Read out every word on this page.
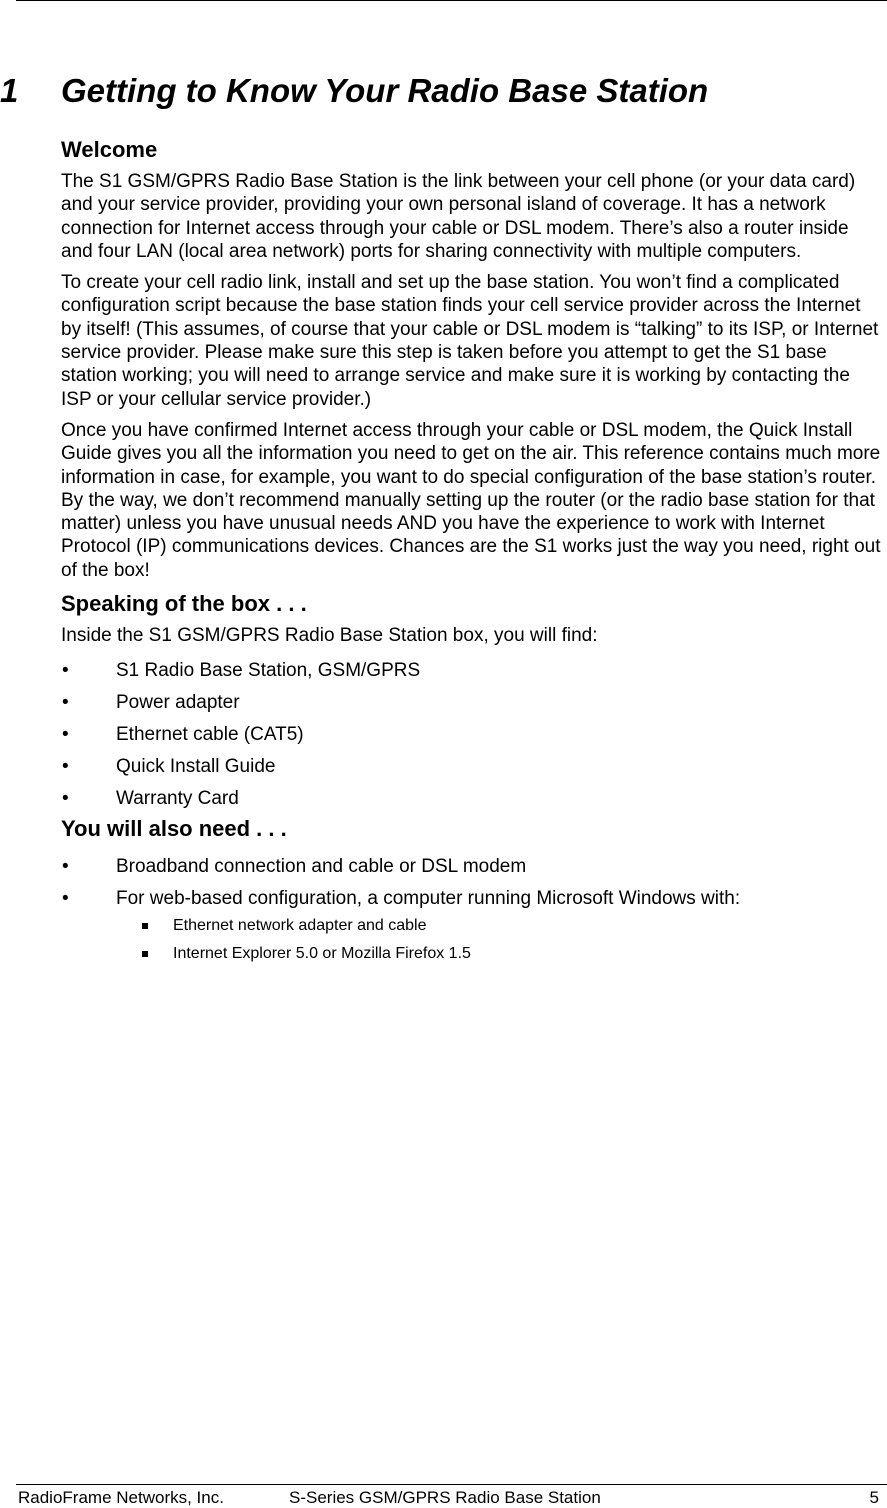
1 Getting to Know Your Radio Base Station
Welcome

The S1 GSM/GPRS Radio Base Station is the link between your cell phone (or your data card) and your service provider, providing your own personal island of coverage. It has a network connection for Internet access through your cable or DSL modem. There’s also a router inside and four LAN (local area network) ports for sharing connectivity with multiple computers.

To create your cell radio link, install and set up the base station. You won’t find a complicated configuration script because the base station finds your cell service provider across the Internet by itself! (This assumes, of course that your cable or DSL modem is “talking” to its ISP, or Internet service provider. Please make sure this step is taken before you attempt to get the S1 base station working; you will need to arrange service and make sure it is working by contacting the ISP or your cellular service provider.)

Once you have confirmed Internet access through your cable or DSL modem, the Quick Install Guide gives you all the information you need to get on the air. This reference contains much more information in case, for example, you want to do special configuration of the base station’s router. By the way, we don’t recommend manually setting up the router (or the radio base station for that matter) unless you have unusual needs AND you have the experience to work with Internet Protocol (IP) communications devices. Chances are the S1 works just the way you need, right out of the box!

Speaking of the box . . .

Inside the S1 GSM/GPRS Radio Base Station box, you will find:

•	S1 Radio Base Station, GSM/GPRS
•	Power adapter
•	Ethernet cable (CAT5)
•	Quick Install Guide
•	Warranty Card
You will also need . . .
•	Broadband connection and cable or DSL modem
•	For web-based configuration, a computer running Microsoft Windows with:
Ethernet network adapter and cable
Internet Explorer 5.0 or Mozilla Firefox 1.5
RadioFrame Networks, Inc.	S-Series GSM/GPRS Radio Base Station	5
